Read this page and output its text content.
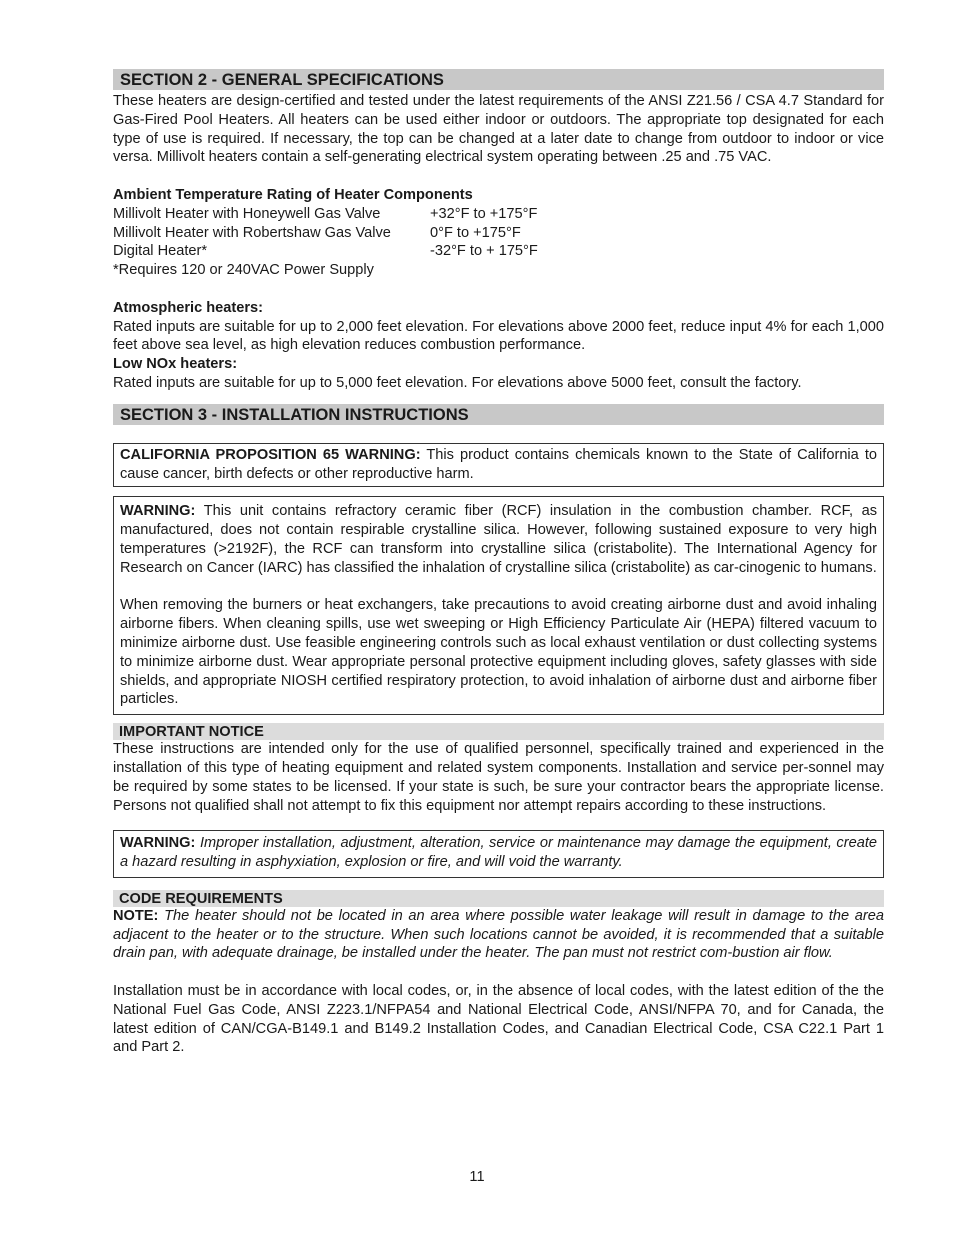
SECTION 2 - GENERAL SPECIFICATIONS

These heaters are design-certified and tested under the latest requirements of the ANSI Z21.56 / CSA 4.7 Standard for Gas-Fired Pool Heaters. All heaters can be used either indoor or outdoors. The appropriate top designated for each type of use is required. If necessary, the top can be changed at a later date to change from outdoor to indoor or vice versa. Millivolt heaters contain a self-generating electrical system operating between .25 and .75 VAC.

Ambient Temperature Rating of Heater Components
Millivolt Heater with Honeywell Gas Valve	+32°F to +175°F
Millivolt Heater with Robertshaw Gas Valve	0°F to +175°F
Digital Heater*	-32°F to + 175°F
*Requires 120 or 240VAC Power Supply
Atmospheric heaters:

Rated inputs are suitable for up to 2,000 feet elevation. For elevations above 2000 feet, reduce input 4% for each 1,000 feet above sea level, as high elevation reduces combustion performance.

Low NOx heaters:

Rated inputs are suitable for up to 5,000 feet elevation. For elevations above 5000 feet, consult the factory.

SECTION 3 - INSTALLATION INSTRUCTIONS

CALIFORNIA PROPOSITION 65 WARNING: This product contains chemicals known to the State of California to cause cancer, birth defects or other reproductive harm.

WARNING: This unit contains refractory ceramic fiber (RCF) insulation in the combustion chamber. RCF, as manufactured, does not contain respirable crystalline silica. However, following sustained exposure to very high temperatures (>2192F), the RCF can transform into crystalline silica (cristabolite). The International Agency for Research on Cancer (IARC) has classified the inhalation of crystalline silica (cristabolite) as car-cinogenic to humans.

When removing the burners or heat exchangers, take precautions to avoid creating airborne dust and avoid inhaling airborne fibers. When cleaning spills, use wet sweeping or High Efficiency Particulate Air (HEPA) filtered vacuum to minimize airborne dust. Use feasible engineering controls such as local exhaust ventilation or dust collecting systems to minimize airborne dust. Wear appropriate personal protective equipment including gloves, safety glasses with side shields, and appropriate NIOSH certified respiratory protection, to avoid inhalation of airborne dust and airborne fiber particles.

IMPORTANT NOTICE

These instructions are intended only for the use of qualified personnel, specifically trained and experienced in the installation of this type of heating equipment and related system components. Installation and service per-sonnel may be required by some states to be licensed. If your state is such, be sure your contractor bears the appropriate license. Persons not qualified shall not attempt to fix this equipment nor attempt repairs according to these instructions.

WARNING: Improper installation, adjustment, alteration, service or maintenance may damage the equipment, create a hazard resulting in asphyxiation, explosion or fire, and will void the warranty.

CODE REQUIREMENTS

NOTE: The heater should not be located in an area where possible water leakage will result in damage to the area adjacent to the heater or to the structure. When such locations cannot be avoided, it is recommended that a suitable drain pan, with adequate drainage, be installed under the heater. The pan must not restrict com-bustion air flow.

Installation must be in accordance with local codes, or, in the absence of local codes, with the latest edition of the the National Fuel Gas Code, ANSI Z223.1/NFPA54 and National Electrical Code, ANSI/NFPA 70, and for Canada, the latest edition of CAN/CGA-B149.1 and B149.2 Installation Codes, and Canadian Electrical Code, CSA C22.1 Part 1 and Part 2.

11
